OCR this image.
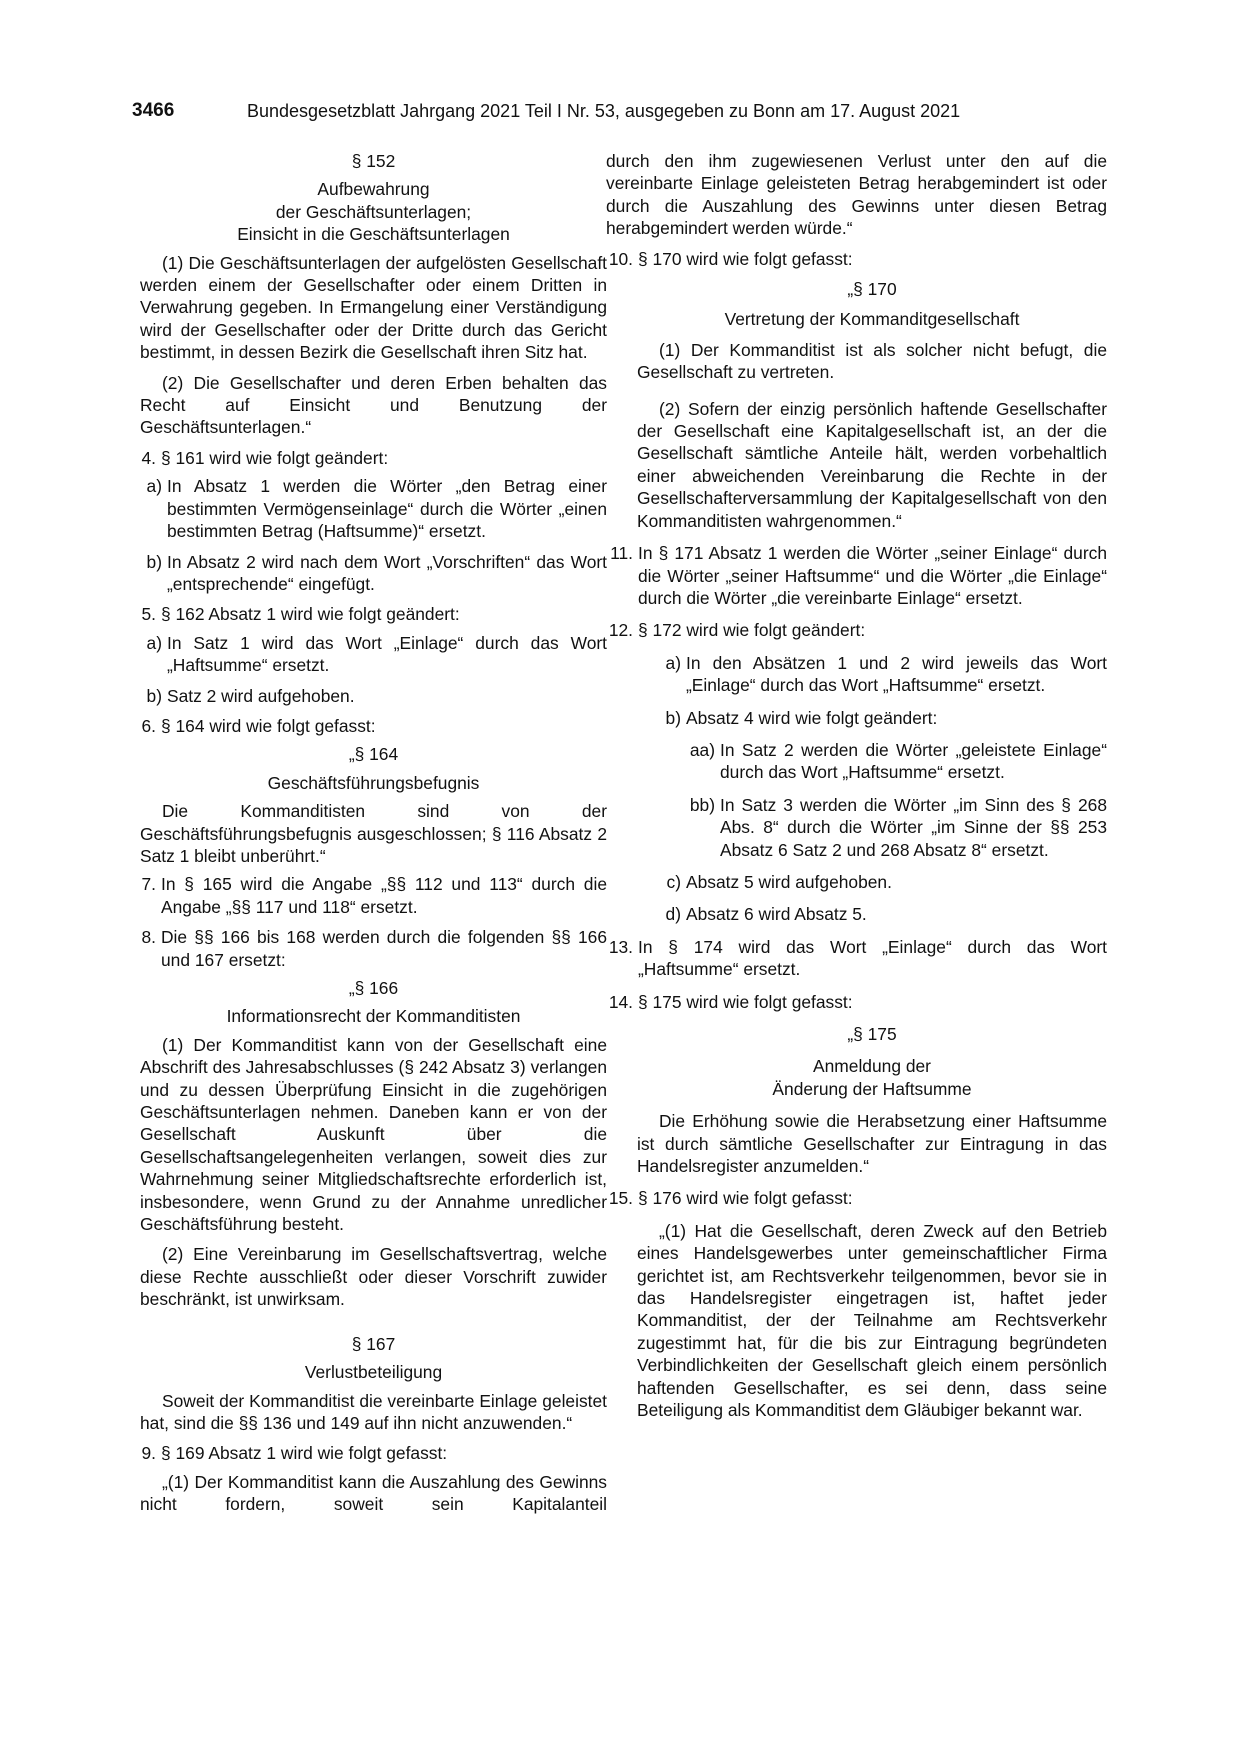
3466	Bundesgesetzblatt Jahrgang 2021 Teil I Nr. 53, ausgegeben zu Bonn am 17. August 2021

§ 152

Aufbewahrung

der Geschäftsunterlagen;

Einsicht in die Geschäftsunterlagen

(1) Die Geschäftsunterlagen der aufgelösten Gesellschaft werden einem der Gesellschafter oder einem Dritten in Verwahrung gegeben. In Ermangelung einer Verständigung wird der Gesellschafter oder der Dritte durch das Gericht bestimmt, in dessen Bezirk die Gesellschaft ihren Sitz hat.

(2) Die Gesellschafter und deren Erben behalten das Recht auf Einsicht und Benutzung der Geschäftsunterlagen.“

4. § 161 wird wie folgt geändert:
a) In Absatz 1 werden die Wörter „den Betrag einer bestimmten Vermögenseinlage“ durch die Wörter „einen bestimmten Betrag (Haftsumme)“ ersetzt.
b) In Absatz 2 wird nach dem Wort „Vorschriften“ das Wort „entsprechende“ eingefügt.
5. § 162 Absatz 1 wird wie folgt geändert:
a) In Satz 1 wird das Wort „Einlage“ durch das Wort „Haftsumme“ ersetzt.
b) Satz 2 wird aufgehoben.
6. § 164 wird wie folgt gefasst:

„§ 164

Geschäftsführungsbefugnis

Die Kommanditisten sind von der Geschäftsführungsbefugnis ausgeschlossen; § 116 Absatz 2 Satz 1 bleibt unberührt.“

7. In § 165 wird die Angabe „§§ 112 und 113“ durch die Angabe „§§ 117 und 118“ ersetzt.
8. Die §§ 166 bis 168 werden durch die folgenden §§ 166 und 167 ersetzt:

„§ 166

Informationsrecht der Kommanditisten

(1) Der Kommanditist kann von der Gesellschaft eine Abschrift des Jahresabschlusses (§ 242 Absatz 3) verlangen und zu dessen Überprüfung Einsicht in die zugehörigen Geschäftsunterlagen nehmen. Daneben kann er von der Gesellschaft Auskunft über die Gesellschaftsangelegenheiten verlangen, soweit dies zur Wahrnehmung seiner Mitgliedschaftsrechte erforderlich ist, insbesondere, wenn Grund zu der Annahme unredlicher Geschäftsführung besteht.

(2) Eine Vereinbarung im Gesellschaftsvertrag, welche diese Rechte ausschließt oder dieser Vorschrift zuwider beschränkt, ist unwirksam.

§ 167

Verlustbeteiligung

Soweit der Kommanditist die vereinbarte Einlage geleistet hat, sind die §§ 136 und 149 auf ihn nicht anzuwenden.“

9. § 169 Absatz 1 wird wie folgt gefasst:

„(1) Der Kommanditist kann die Auszahlung des Gewinns nicht fordern, soweit sein Kapitalanteil

durch den ihm zugewiesenen Verlust unter den auf die vereinbarte Einlage geleisteten Betrag herabgemindert ist oder durch die Auszahlung des Gewinns unter diesen Betrag herabgemindert werden würde.“

10. § 170 wird wie folgt gefasst:

„§ 170

Vertretung der Kommanditgesellschaft

(1) Der Kommanditist ist als solcher nicht befugt, die Gesellschaft zu vertreten.

(2) Sofern der einzig persönlich haftende Gesellschafter der Gesellschaft eine Kapitalgesellschaft ist, an der die Gesellschaft sämtliche Anteile hält, werden vorbehaltlich einer abweichenden Vereinbarung die Rechte in der Gesellschafterversammlung der Kapitalgesellschaft von den Kommanditisten wahrgenommen.“

11. In § 171 Absatz 1 werden die Wörter „seiner Einlage“ durch die Wörter „seiner Haftsumme“ und die Wörter „die Einlage“ durch die Wörter „die vereinbarte Einlage“ ersetzt.
12. § 172 wird wie folgt geändert:
a) In den Absätzen 1 und 2 wird jeweils das Wort „Einlage“ durch das Wort „Haftsumme“ ersetzt.
b) Absatz 4 wird wie folgt geändert:
aa) In Satz 2 werden die Wörter „geleistete Einlage“ durch das Wort „Haftsumme“ ersetzt.
bb) In Satz 3 werden die Wörter „im Sinn des § 268 Abs. 8“ durch die Wörter „im Sinne der §§ 253 Absatz 6 Satz 2 und 268 Absatz 8“ ersetzt.
c) Absatz 5 wird aufgehoben.
d) Absatz 6 wird Absatz 5.
13. In § 174 wird das Wort „Einlage“ durch das Wort „Haftsumme“ ersetzt.
14. § 175 wird wie folgt gefasst:

„§ 175

Anmeldung der

Änderung der Haftsumme

Die Erhöhung sowie die Herabsetzung einer Haftsumme ist durch sämtliche Gesellschafter zur Eintragung in das Handelsregister anzumelden.“

15. § 176 wird wie folgt gefasst:

„(1) Hat die Gesellschaft, deren Zweck auf den Betrieb eines Handelsgewerbes unter gemeinschaftlicher Firma gerichtet ist, am Rechtsverkehr teilgenommen, bevor sie in das Handelsregister eingetragen ist, haftet jeder Kommanditist, der der Teilnahme am Rechtsverkehr zugestimmt hat, für die bis zur Eintragung begründeten Verbindlichkeiten der Gesellschaft gleich einem persönlich haftenden Gesellschafter, es sei denn, dass seine Beteiligung als Kommanditist dem Gläubiger bekannt war.
